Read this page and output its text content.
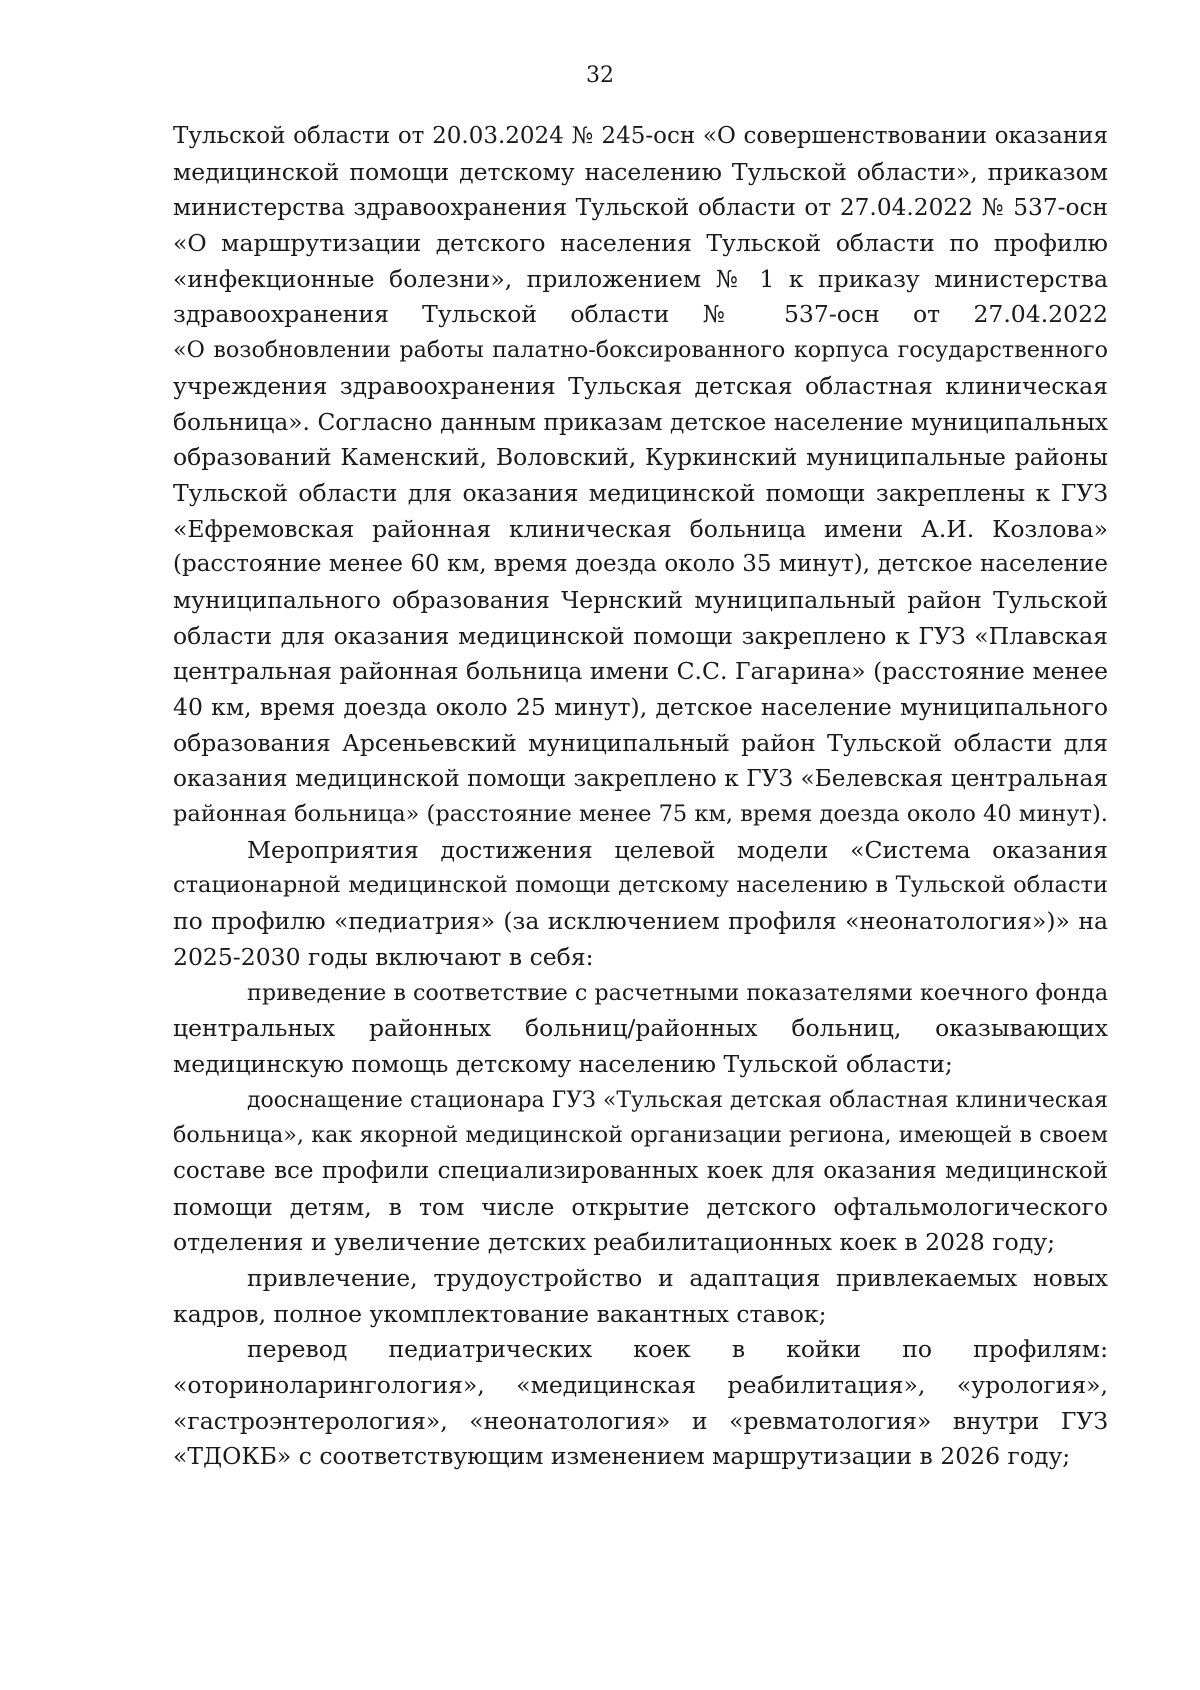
32
Тульской области от 20.03.2024 № 245-осн «О совершенствовании оказания
медицинской помощи детскому населению Тульской области», приказом
министерства здравоохранения Тульской области от 27.04.2022 № 537-осн
«О маршрутизации детского населения Тульской области по профилю
«инфекционные болезни», приложением № 1 к приказу министерства
здравоохранения Тульской области № 537-осн от 27.04.2022
«О возобновлении работы палатно-боксированного корпуса государственного
учреждения здравоохранения Тульская детская областная клиническая
больница». Согласно данным приказам детское население муниципальных
образований Каменский, Воловский, Куркинский муниципальные районы
Тульской области для оказания медицинской помощи закреплены к ГУЗ
«Ефремовская районная клиническая больница имени А.И. Козлова»
(расстояние менее 60 км, время доезда около 35 минут), детское население
муниципального образования Чернский муниципальный район Тульской
области для оказания медицинской помощи закреплено к ГУЗ «Плавская
центральная районная больница имени С.С. Гагарина» (расстояние менее
40 км, время доезда около 25 минут), детское население муниципального
образования Арсеньевский муниципальный район Тульской области для
оказания медицинской помощи закреплено к ГУЗ «Белевская центральная
районная больница» (расстояние менее 75 км, время доезда около 40 минут).
Мероприятия достижения целевой модели «Система оказания
стационарной медицинской помощи детскому населению в Тульской области
по профилю «педиатрия» (за исключением профиля «неонатология»)» на
2025-2030 годы включают в себя:
приведение в соответствие с расчетными показателями коечного фонда
центральных районных больниц/районных больниц, оказывающих
медицинскую помощь детскому населению Тульской области;
дооснащение стационара ГУЗ «Тульская детская областная клиническая
больница», как якорной медицинской организации региона, имеющей в своем
составе все профили специализированных коек для оказания медицинской
помощи детям, в том числе открытие детского офтальмологического
отделения и увеличение детских реабилитационных коек в 2028 году;
привлечение, трудоустройство и адаптация привлекаемых новых
кадров, полное укомплектование вакантных ставок;
перевод педиатрических коек в койки по профилям:
«оториноларингология», «медицинская реабилитация», «урология»,
«гастроэнтерология», «неонатология» и «ревматология» внутри ГУЗ
«ТДОКБ» с соответствующим изменением маршрутизации в 2026 году;
